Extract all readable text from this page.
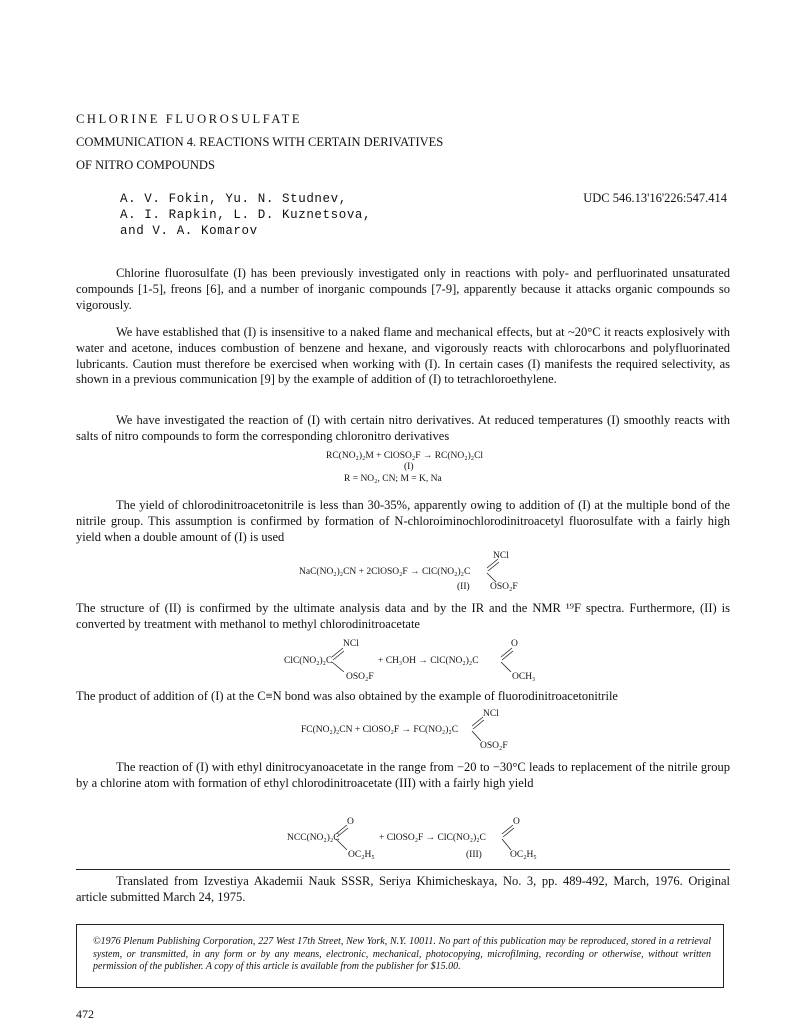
CHLORINE FLUOROSULFATE
COMMUNICATION 4. REACTIONS WITH CERTAIN DERIVATIVES
OF NITRO COMPOUNDS
A. V. Fokin, Yu. N. Studnev,
A. I. Rapkin, L. D. Kuznetsova,
and V. A. Komarov
UDC 546.13'16'226:547.414
Chlorine fluorosulfate (I) has been previously investigated only in reactions with poly- and perfluorinated unsaturated compounds [1-5], freons [6], and a number of inorganic compounds [7-9], apparently because it attacks organic compounds so vigorously.
We have established that (I) is insensitive to a naked flame and mechanical effects, but at ~20°C it reacts explosively with water and acetone, induces combustion of benzene and hexane, and vigorously reacts with chlorocarbons and polyfluorinated lubricants. Caution must therefore be exercised when working with (I). In certain cases (I) manifests the required selectivity, as shown in a previous communication [9] by the example of addition of (I) to tetrachloroethylene.
We have investigated the reaction of (I) with certain nitro derivatives. At reduced temperatures (I) smoothly reacts with salts of nitro compounds to form the corresponding chloronitro derivatives
RC(NO₂)₂M + ClOSO₂F → RC(NO₂)₂Cl
(I)
R = NO₂, CN; M = K, Na
The yield of chlorodinitroacetonitrile is less than 30-35%, apparently owing to addition of (I) at the multiple bond of the nitrile group. This assumption is confirmed by formation of N-chloroiminochlorodinitroacetyl fluorosulfate with a fairly high yield when a double amount of (I) is used
NCl
NaC(NO₂)₂CN + 2ClOSO₂F → ClC(NO₂)₂C
(II) OSO₂F
The structure of (II) is confirmed by the ultimate analysis data and by the IR and the NMR ¹⁹F spectra. Furthermore, (II) is converted by treatment with methanol to methyl chlorodinitroacetate
NCl
ClC(NO₂)₂C
OSO₂F
+ CH₃OH → ClC(NO₂)₂C
O
OCH₃
The product of addition of (I) at the C≡N bond was also obtained by the example of fluorodinitroacetonitrile
NCl
FC(NO₂)₂CN + ClOSO₂F → FC(NO₂)₂C
OSO₂F
The reaction of (I) with ethyl dinitrocyanoacetate in the range from −20 to −30°C leads to replacement of the nitrile group by a chlorine atom with formation of ethyl chlorodinitroacetate (III) with a fairly high yield
O
NCC(NO₂)₂C
OC₂H₅
+ ClOSO₂F → ClC(NO₂)₂C
O
(III)	OC₂H₅
Translated from Izvestiya Akademii Nauk SSSR, Seriya Khimicheskaya, No. 3, pp. 489-492, March, 1976. Original article submitted March 24, 1975.
©1976 Plenum Publishing Corporation, 227 West 17th Street, New York, N.Y. 10011. No part of this publication may be reproduced, stored in a retrieval system, or transmitted, in any form or by any means, electronic, mechanical, photocopying, microfilming, recording or otherwise, without written permission of the publisher. A copy of this article is available from the publisher for $15.00.
472
